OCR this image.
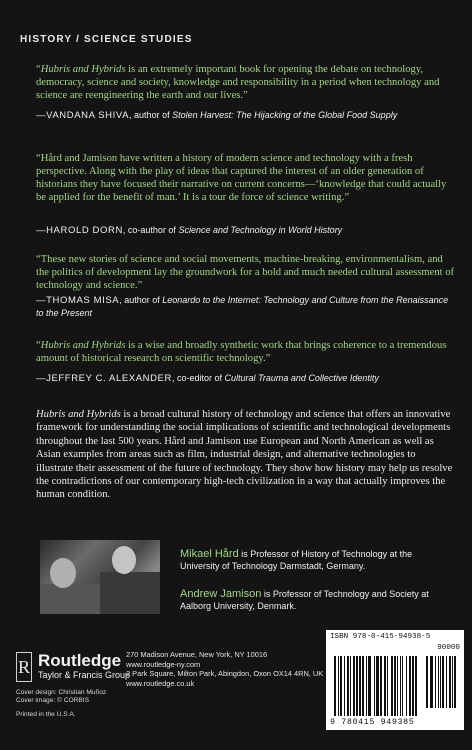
HISTORY / SCIENCE STUDIES
“Hubris and Hybrids is an extremely important book for opening the debate on technology, democracy, science and society, knowledge and responsibility in a period when technology and science are reengineering the earth and our lives.”
—VANDANA SHIVA, author of Stolen Harvest: The Hijacking of the Global Food Supply
“Hård and Jamison have written a history of modern science and technology with a fresh perspective. Along with the play of ideas that captured the interest of an older generation of historians they have focused their narrative on current concerns—‘knowledge that could actually be applied for the benefit of man.’ It is a tour de force of science writing.”
—HAROLD DORN, co-author of Science and Technology in World History
“These new stories of science and social movements, machine-breaking, environmentalism, and the politics of development lay the groundwork for a bold and much needed cultural assessment of technology and science.”
—THOMAS MISA, author of Leonardo to the Internet: Technology and Culture from the Renaissance to the Present
“Hubris and Hybrids is a wise and broadly synthetic work that brings coherence to a tremendous amount of historical research on scientific technology.”
—JEFFREY C. ALEXANDER, co-editor of Cultural Trauma and Collective Identity
Hubris and Hybrids is a broad cultural history of technology and science that offers an innovative framework for understanding the social implications of scientific and technological developments throughout the last 500 years. Hård and Jamison use European and North American as well as Asian examples from areas such as film, industrial design, and alternative technologies to illustrate their assessment of the future of technology. They show how history may help us resolve the contradictions of our contemporary high-tech civilization in a way that actually improves the human condition.
Mikael Hård is Professor of History of Technology at the University of Technology Darmstadt, Germany.
Andrew Jamison is Professor of Technology and Society at Aalborg University, Denmark.
R Routledge
Taylor & Francis Group
270 Madison Avenue, New York, NY 10016
www.routledge-ny.com
2 Park Square, Milton Park, Abingdon, Oxon OX14 4RN, UK
www.routledge.co.uk
Cover design: Christian Muñoz
Cover image: © CORBIS
Printed in the U.S.A.
ISBN 978-0-415-94938-5
90000
9 780415 949385
